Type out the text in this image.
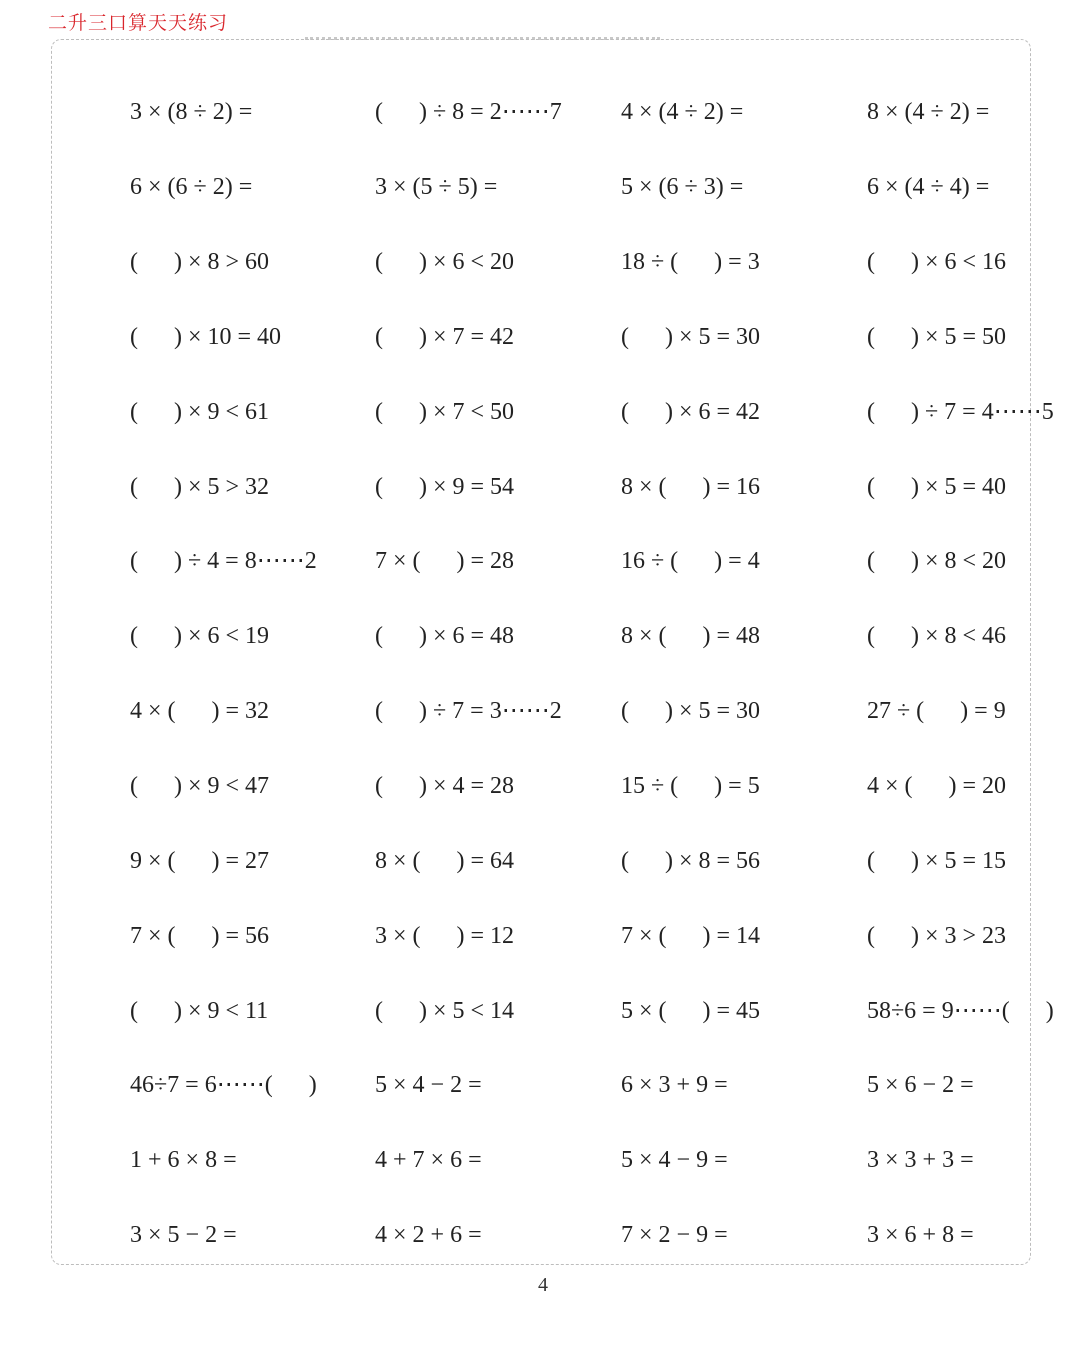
二升三口算天天练习
3 × (8 ÷ 2) =	(      ) ÷ 8 = 2⋯⋯7	4 × (4 ÷ 2) =	8 × (4 ÷ 2) =
6 × (6 ÷ 2) =	3 × (5 ÷ 5) =	5 × (6 ÷ 3) =	6 × (4 ÷ 4) =
(      ) × 8 > 60	(      ) × 6 < 20	18 ÷ (      ) = 3	(      ) × 6 < 16
(      ) × 10 = 40	(      ) × 7 = 42	(      ) × 5 = 30	(      ) × 5 = 50
(      ) × 9 < 61	(      ) × 7 < 50	(      ) × 6 = 42	(      ) ÷ 7 = 4⋯⋯5
(      ) × 5 > 32	(      ) × 9 = 54	8 × (      ) = 16	(      ) × 5 = 40
(      ) ÷ 4 = 8⋯⋯2	7 × (      ) = 28	16 ÷ (      ) = 4	(      ) × 8 < 20
(      ) × 6 < 19	(      ) × 6 = 48	8 × (      ) = 48	(      ) × 8 < 46
4 × (      ) = 32	(      ) ÷ 7 = 3⋯⋯2	(      ) × 5 = 30	27 ÷ (      ) = 9
(      ) × 9 < 47	(      ) × 4 = 28	15 ÷ (      ) = 5	4 × (      ) = 20
9 × (      ) = 27	8 × (      ) = 64	(      ) × 8 = 56	(      ) × 5 = 15
7 × (      ) = 56	3 × (      ) = 12	7 × (      ) = 14	(      ) × 3 > 23
(      ) × 9 < 11	(      ) × 5 < 14	5 × (      ) = 45	58÷6 = 9⋯⋯(      )
46÷7 = 6⋯⋯(      )	5 × 4 − 2 =	6 × 3 + 9 =	5 × 6 − 2 =
1 + 6 × 8 =	4 + 7 × 6 =	5 × 4 − 9 =	3 × 3 + 3 =
3 × 5 − 2 =	4 × 2 + 6 =	7 × 2 − 9 =	3 × 6 + 8 =
4
